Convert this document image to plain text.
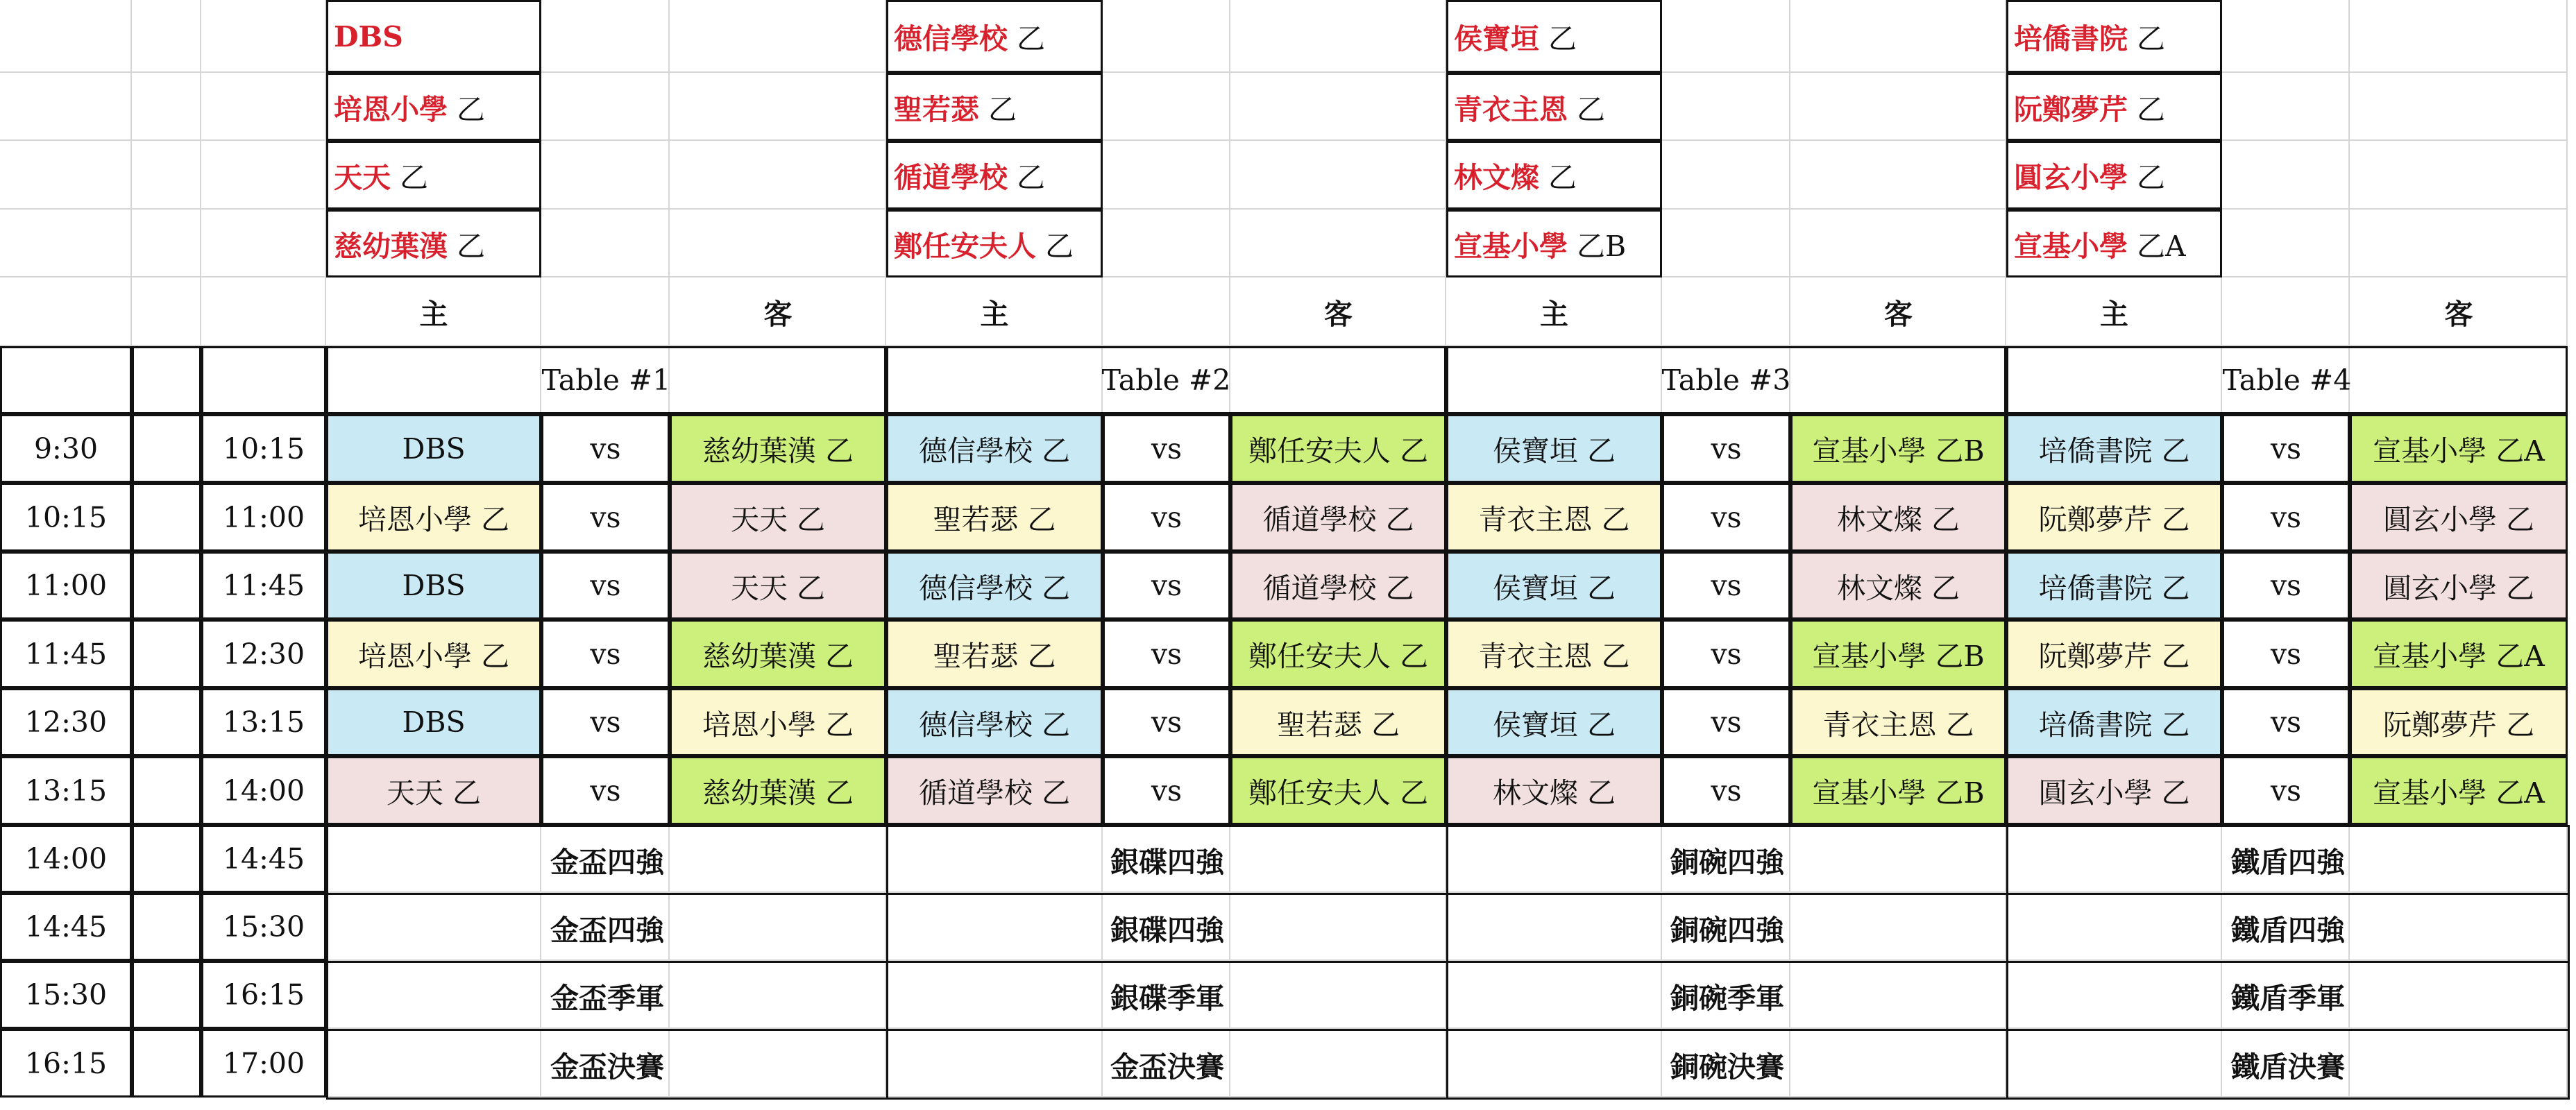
DBS
培恩小學 乙
天天 乙
慈幼葉漢 乙
德信學校 乙
聖若瑟 乙
循道學校 乙
鄭任安夫人 乙
侯寶垣 乙
青衣主恩 乙
林文燦 乙
宣基小學 乙B
培僑書院 乙
阮鄭夢芹 乙
圓玄小學 乙
宣基小學 乙A
主	客	主	客	主	客	主	客
Table #1	Table #2	Table #3	Table #4
9:30	10:15	DBS	vs	慈幼葉漢 乙	德信學校 乙	vs	鄭任安夫人 乙	侯寶垣 乙	vs	宣基小學 乙B	培僑書院 乙	vs	宣基小學 乙A
10:15	11:00	培恩小學 乙	vs	天天 乙	聖若瑟 乙	vs	循道學校 乙	青衣主恩 乙	vs	林文燦 乙	阮鄭夢芹 乙	vs	圓玄小學 乙
11:00	11:45	DBS	vs	天天 乙	德信學校 乙	vs	循道學校 乙	侯寶垣 乙	vs	林文燦 乙	培僑書院 乙	vs	圓玄小學 乙
11:45	12:30	培恩小學 乙	vs	慈幼葉漢 乙	聖若瑟 乙	vs	鄭任安夫人 乙	青衣主恩 乙	vs	宣基小學 乙B	阮鄭夢芹 乙	vs	宣基小學 乙A
12:30	13:15	DBS	vs	培恩小學 乙	德信學校 乙	vs	聖若瑟 乙	侯寶垣 乙	vs	青衣主恩 乙	培僑書院 乙	vs	阮鄭夢芹 乙
13:15	14:00	天天 乙	vs	慈幼葉漢 乙	循道學校 乙	vs	鄭任安夫人 乙	林文燦 乙	vs	宣基小學 乙B	圓玄小學 乙	vs	宣基小學 乙A
14:00	14:45	金盃四強	銀碟四強	銅碗四強	鐵盾四強
14:45	15:30	金盃四強	銀碟四強	銅碗四強	鐵盾四強
15:30	16:15	金盃季軍	銀碟季軍	銅碗季軍	鐵盾季軍
16:15	17:00	金盃決賽	金盃決賽	銅碗決賽	鐵盾決賽
